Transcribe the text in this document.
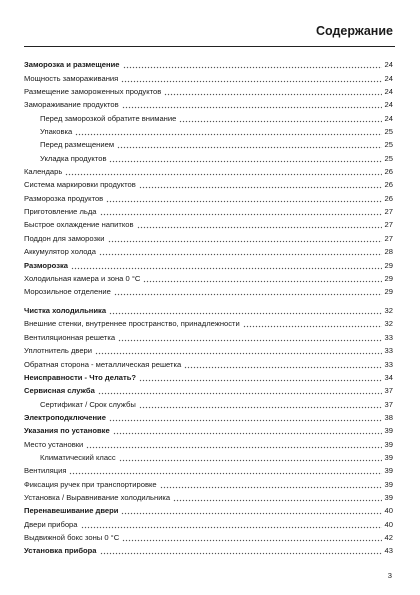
Содержание
Заморозка и размещение	24
Мощность замораживания	24
Размещение замороженных продуктов	24
Замораживание продуктов	24
Перед заморозкой обратите внимание	24
Упаковка	25
Перед размещением	25
Укладка продуктов	25
Календарь	26
Система маркировки продуктов	26
Разморозка продуктов	26
Приготовление льда	27
Быстрое охлаждение напитков	27
Поддон для заморозки	27
Аккумулятор холода	28
Разморозка	29
Холодильная камера и зона 0 °C	29
Морозильное отделение	29
Чистка холодильника	32
Внешние стенки, внутреннее пространство, принадлежности	32
Вентиляционная решетка	33
Уплотнитель двери	33
Обратная сторона - металлическая решетка	33
Неисправности - Что делать?	34
Сервисная служба	37
Сертификат / Срок службы	37
Электроподключение	38
Указания по установке	39
Место установки	39
Климатический класс	39
Вентиляция	39
Фиксация ручек при транспортировке	39
Установка / Выравнивание холодильника	39
Перенавешивание двери	40
Двери прибора	40
Выдвижной бокс зоны 0 °C	42
Установка прибора	43
3
